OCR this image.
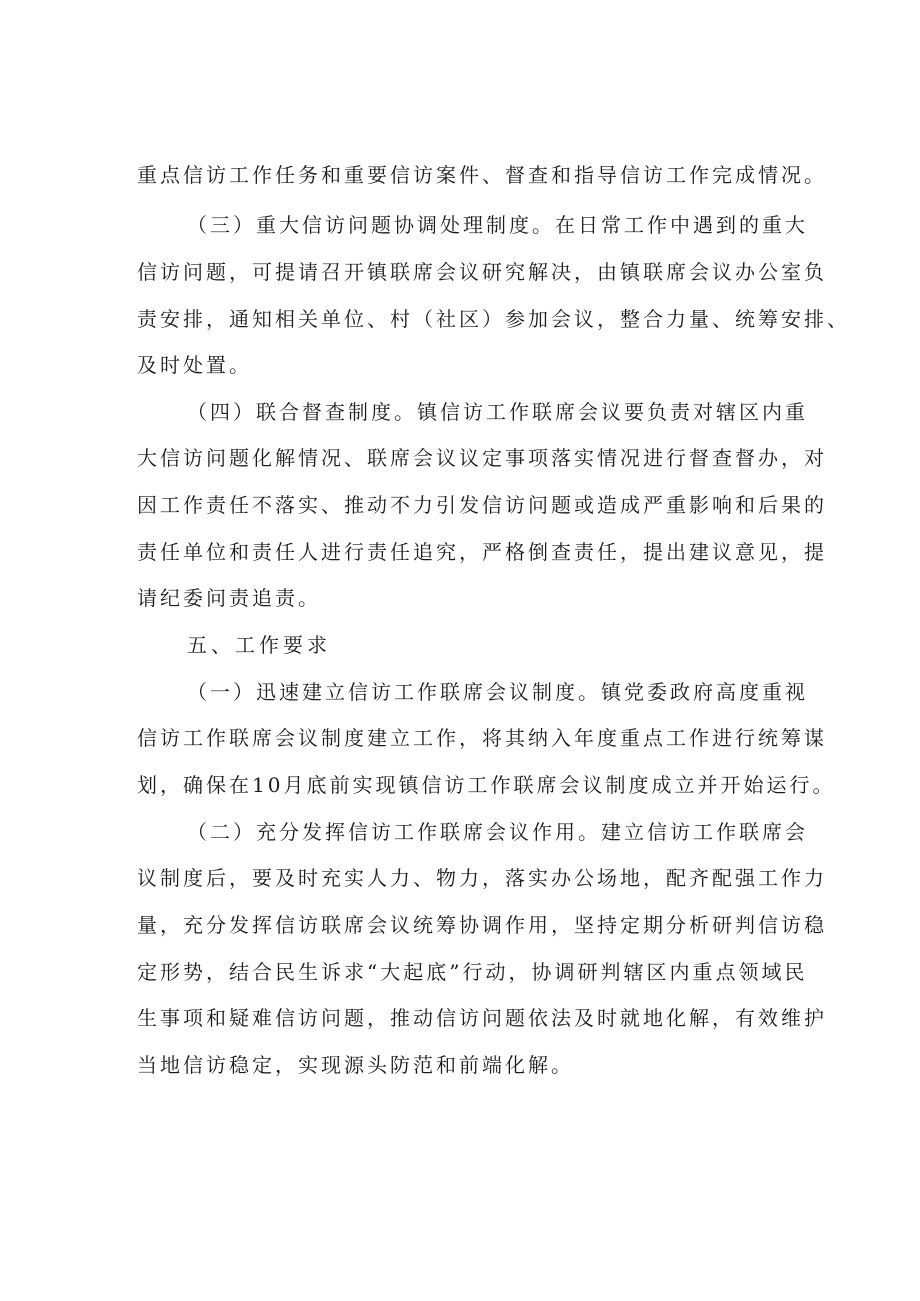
重点信访工作任务和重要信访案件、督查和指导信访工作完成情况。
（三）重大信访问题协调处理制度。在日常工作中遇到的重大
信访问题，可提请召开镇联席会议研究解决，由镇联席会议办公室负
责安排，通知相关单位、村（社区）参加会议，整合力量、统筹安排、
及时处置。
（四）联合督查制度。镇信访工作联席会议要负责对辖区内重
大信访问题化解情况、联席会议议定事项落实情况进行督查督办，对
因工作责任不落实、推动不力引发信访问题或造成严重影响和后果的
责任单位和责任人进行责任追究，严格倒查责任，提出建议意见，提
请纪委问责追责。
五、工作要求
（一）迅速建立信访工作联席会议制度。镇党委政府高度重视
信访工作联席会议制度建立工作，将其纳入年度重点工作进行统筹谋
划，确保在10月底前实现镇信访工作联席会议制度成立并开始运行。
（二）充分发挥信访工作联席会议作用。建立信访工作联席会
议制度后，要及时充实人力、物力，落实办公场地，配齐配强工作力
量，充分发挥信访联席会议统筹协调作用，坚持定期分析研判信访稳
定形势，结合民生诉求“大起底”行动，协调研判辖区内重点领域民
生事项和疑难信访问题，推动信访问题依法及时就地化解，有效维护
当地信访稳定，实现源头防范和前端化解。
